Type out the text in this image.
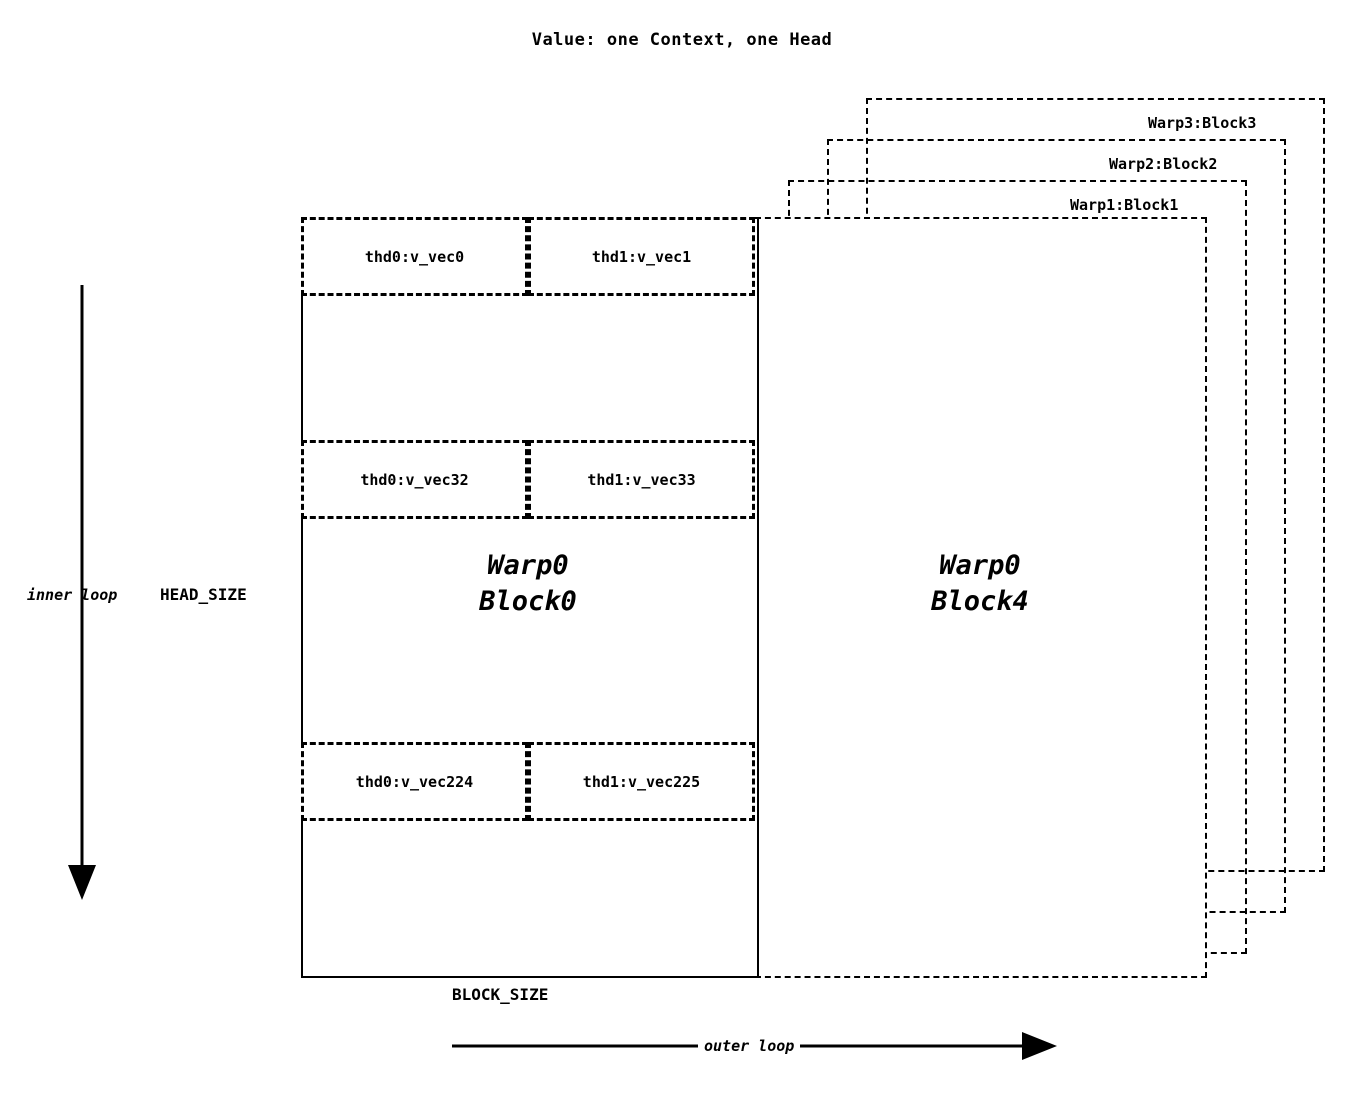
Value: one Context, one Head
Warp3:Block3
Warp2:Block2
Warp1:Block1
Warp0
Block4
Warp0
Block0
thd0:v_vec0	thd1:v_vec1
thd0:v_vec32	thd1:v_vec33
thd0:v_vec224	thd1:v_vec225
inner loop	HEAD_SIZE
BLOCK_SIZE
outer loop
